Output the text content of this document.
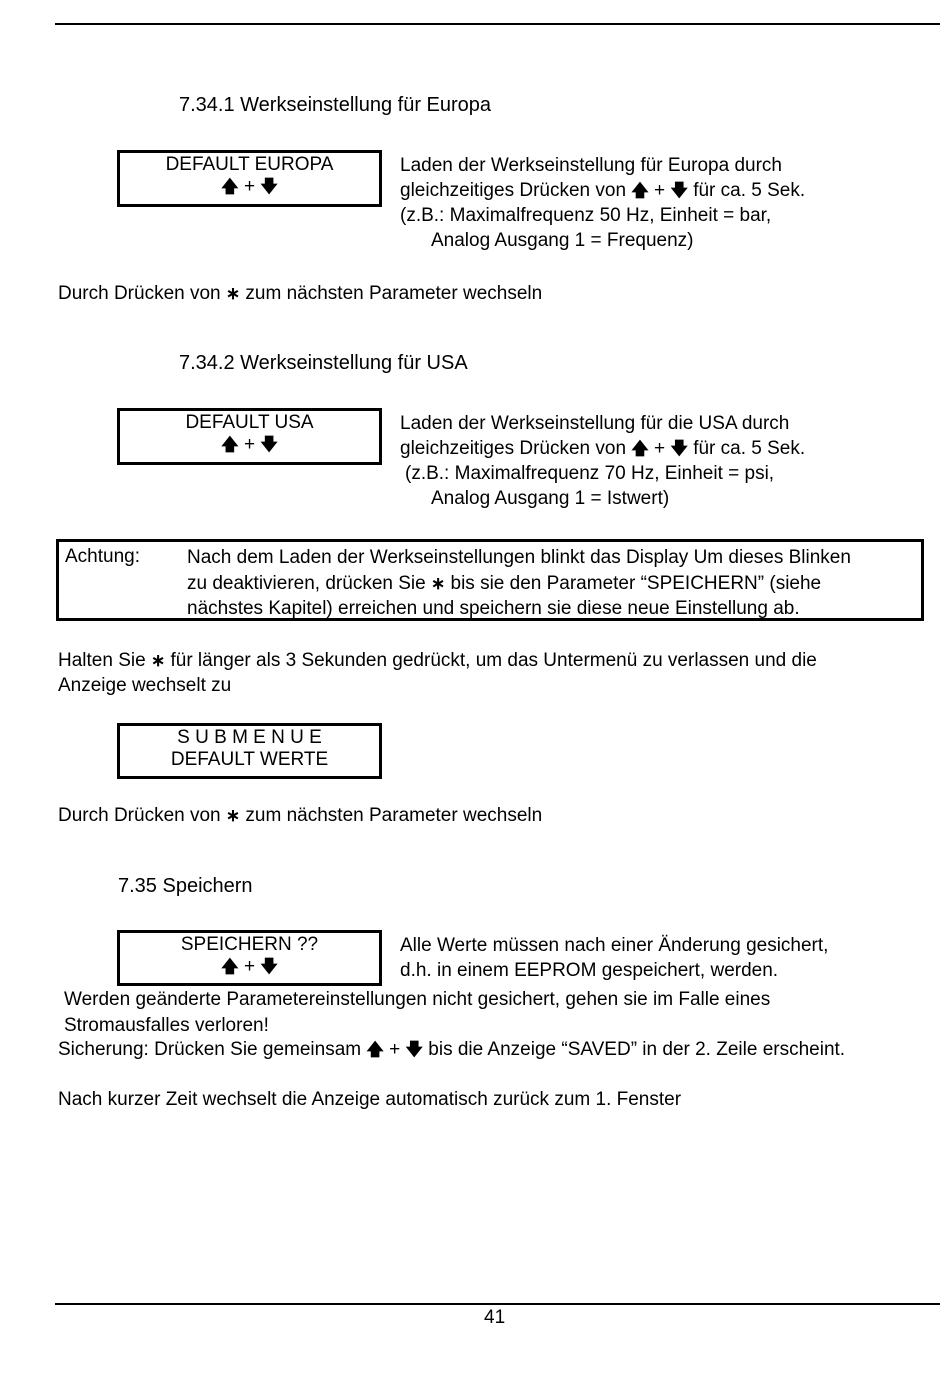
7.34.1 Werkseinstellung für Europa
DEFAULT EUROPA
🡅 + 🡇
Laden der Werkseinstellung für Europa durch
gleichzeitiges Drücken von 🡅 + 🡇 für ca. 5 Sek.
(z.B.: Maximalfrequenz 50 Hz, Einheit = bar,
Analog Ausgang 1 = Frequenz)
Durch Drücken von ∗ zum nächsten Parameter wechseln
7.34.2 Werkseinstellung für USA
DEFAULT USA
🡅 + 🡇
Laden der Werkseinstellung für die USA durch
gleichzeitiges Drücken von 🡅 + 🡇 für ca. 5 Sek.
(z.B.: Maximalfrequenz 70 Hz, Einheit = psi,
Analog Ausgang 1 = Istwert)
Achtung: Nach dem Laden der Werkseinstellungen blinkt das Display Um dieses Blinken
zu deaktivieren, drücken Sie ∗ bis sie den Parameter “SPEICHERN” (siehe
nächstes Kapitel) erreichen und speichern sie diese neue Einstellung ab.
Halten Sie ∗ für länger als 3 Sekunden gedrückt, um das Untermenü zu verlassen und die
Anzeige wechselt zu
S U B M E N U E
DEFAULT WERTE
Durch Drücken von ∗ zum nächsten Parameter wechseln
7.35 Speichern
SPEICHERN ??
🡅 + 🡇
Alle Werte müssen nach einer Änderung gesichert,
d.h. in einem EEPROM gespeichert, werden.
Werden geänderte Parametereinstellungen nicht gesichert, gehen sie im Falle eines
Stromausfalles verloren!
Sicherung: Drücken Sie gemeinsam 🡅 + 🡇 bis die Anzeige “SAVED” in der 2. Zeile erscheint.
Nach kurzer Zeit wechselt die Anzeige automatisch zurück zum 1. Fenster
41
